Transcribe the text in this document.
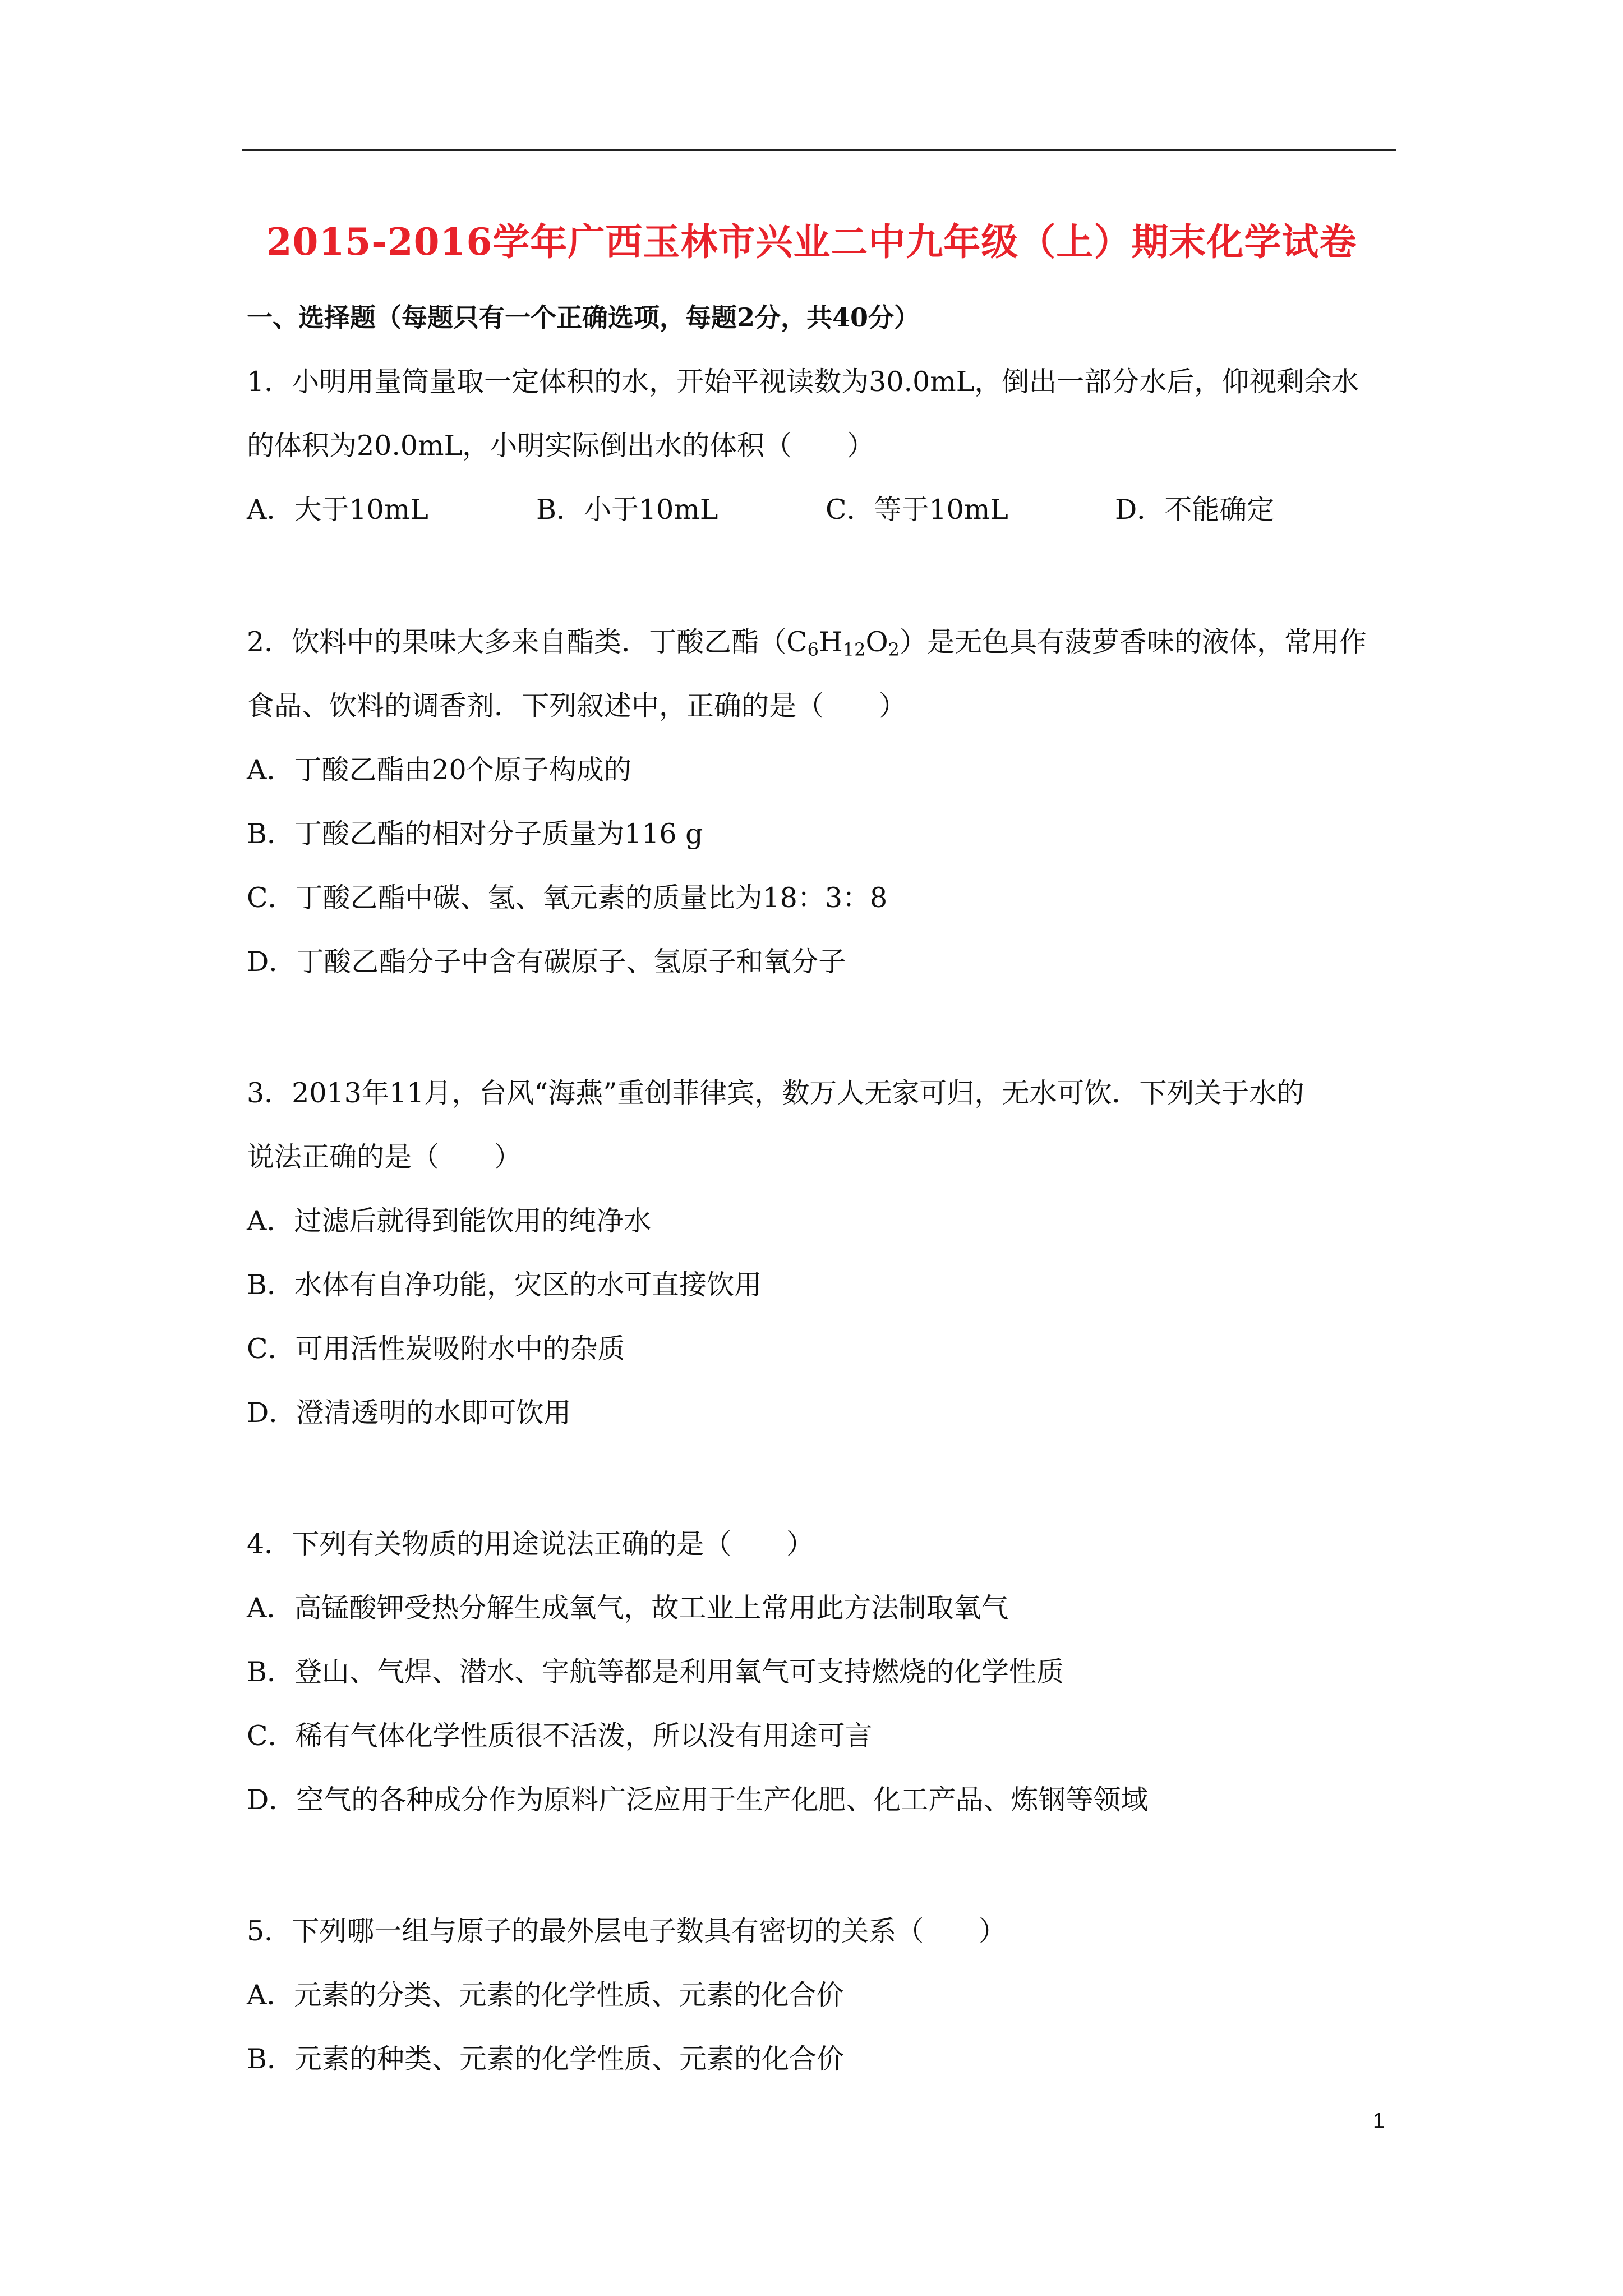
2015-2016学年广西玉林市兴业二中九年级（上）期末化学试卷
一、选择题（每题只有一个正确选项，每题2分，共40分）
1．小明用量筒量取一定体积的水，开始平视读数为30.0mL，倒出一部分水后，仰视剩余水
的体积为20.0mL，小明实际倒出水的体积（　　）
A．大于10mL	B．小于10mL	C．等于10mL	D．不能确定
2．饮料中的果味大多来自酯类．丁酸乙酯$(C_6H_{12}O_2)$是无色具有菠萝香味的液体，常用作
食品、饮料的调香剂．下列叙述中，正确的是（　　）
A．丁酸乙酯由20个原子构成的
B．丁酸乙酯的相对分子质量为116 g
C．丁酸乙酯中碳、氢、氧元素的质量比为18：3：8
D．丁酸乙酯分子中含有碳原子、氢原子和氧分子
3．2013年11月，台风“海燕”重创菲律宾，数万人无家可归，无水可饮．下列关于水的
说法正确的是（　　）
A．过滤后就得到能饮用的纯净水
B．水体有自净功能，灾区的水可直接饮用
C．可用活性炭吸附水中的杂质
D．澄清透明的水即可饮用
4．下列有关物质的用途说法正确的是（　　）
A．高锰酸钾受热分解生成氧气，故工业上常用此方法制取氧气
B．登山、气焊、潜水、宇航等都是利用氧气可支持燃烧的化学性质
C．稀有气体化学性质很不活泼，所以没有用途可言
D．空气的各种成分作为原料广泛应用于生产化肥、化工产品、炼钢等领域
5．下列哪一组与原子的最外层电子数具有密切的关系（　　）
A．元素的分类、元素的化学性质、元素的化合价
B．元素的种类、元素的化学性质、元素的化合价
1
